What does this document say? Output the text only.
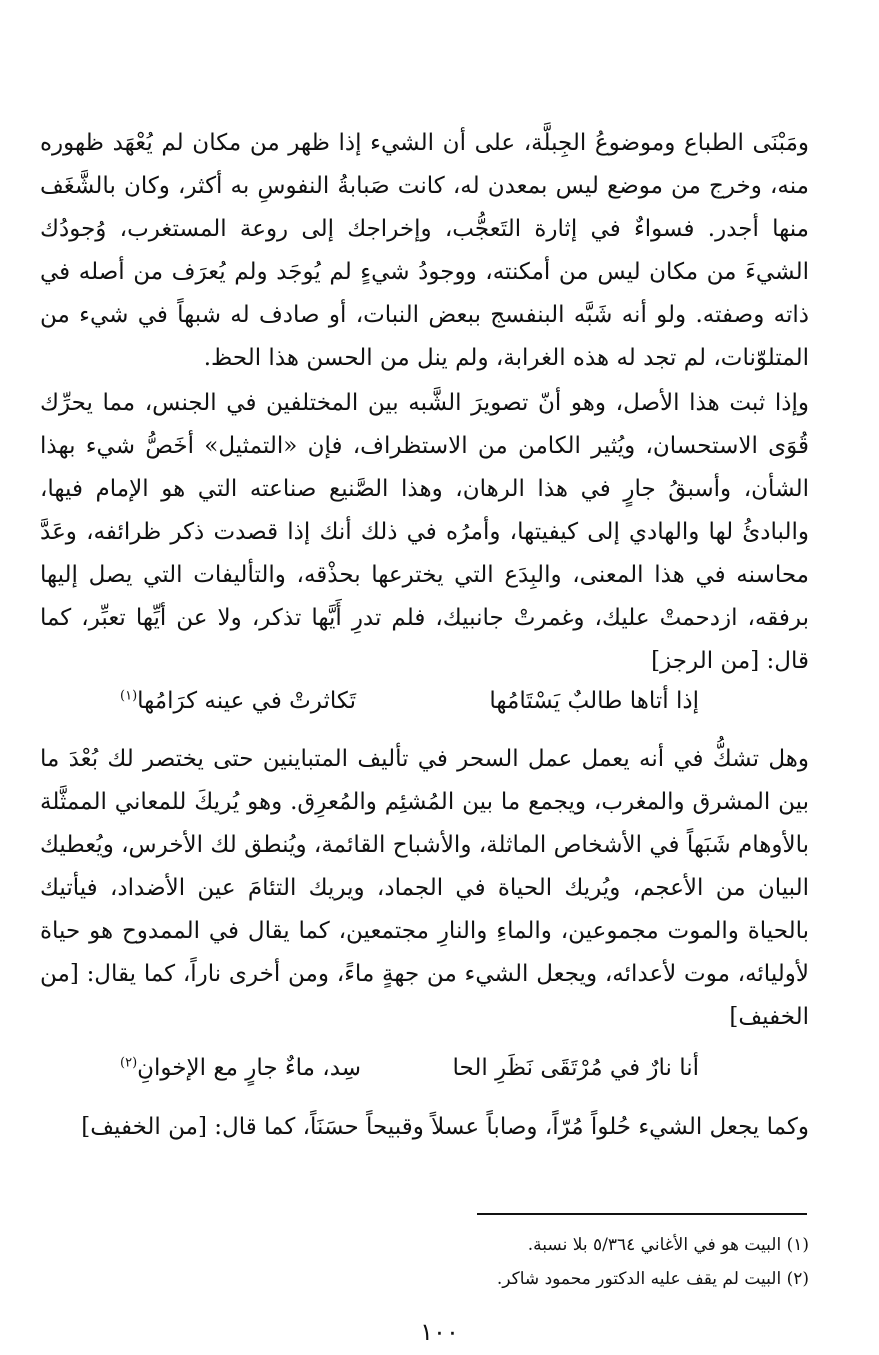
ومَبْنَى الطباع وموضوعُ الجِبلَّة، على أن الشيء إذا ظهر من مكان لم يُعْهَد ظهوره منه، وخرج من موضع ليس بمعدن له، كانت صَبابةُ النفوسِ به أكثر، وكان بالشَّغَف منها أجدر. فسواءٌ في إثارة التَعجُّب، وإخراجك إلى روعة المستغرب، وُجودُك الشيءَ من مكان ليس من أمكنته، ووجودُ شيءٍ لم يُوجَد ولم يُعرَف من أصله في ذاته وصفته. ولو أنه شَبَّه البنفسج ببعض النبات، أو صادف له شبهاً في شيء من المتلوّنات، لم تجد له هذه الغرابة، ولم ينل من الحسن هذا الحظ.

وإذا ثبت هذا الأصل، وهو أنّ تصويرَ الشَّبه بين المختلفين في الجنس، مما يحرِّك قُوَى الاستحسان، ويُثير الكامن من الاستظراف، فإن «التمثيل» أخَصُّ شيء بهذا الشأن، وأسبقُ جارٍ في هذا الرهان، وهذا الصَّنيع صناعته التي هو الإمام فيها، والبادئُ لها والهادي إلى كيفيتها، وأمرُه في ذلك أنك إذا قصدت ذكر ظرائفه، وعَدَّ محاسنه في هذا المعنى، والبِدَع التي يخترعها بحذْقه، والتأليفات التي يصل إليها برفقه، ازدحمتْ عليك، وغمرتْ جانبيك، فلم تدرِ أَيَّها تذكر، ولا عن أيِّها تعبِّر، كما قال: [من الرجز]

إذا أتاها طالبٌ يَسْتَامُها
تَكاثرتْ في عينه كرَامُها$^{(١)}$

وهل تشكُّ في أنه يعمل عمل السحر في تأليف المتباينين حتى يختصر لك بُعْدَ ما بين المشرق والمغرب، ويجمع ما بين المُشئِم والمُعرِق. وهو يُريكَ للمعاني الممثَّلة بالأوهام شَبَهاً في الأشخاص الماثلة، والأشباح القائمة، ويُنطق لك الأخرس، ويُعطيك البيان من الأعجم، ويُريك الحياة في الجماد، ويريك التئامَ عين الأضداد، فيأتيك بالحياة والموت مجموعين، والماءِ والنارِ مجتمعين، كما يقال في الممدوح هو حياة لأوليائه، موت لأعدائه، ويجعل الشيء من جهةٍ ماءً، ومن أخرى ناراً، كما يقال: [من الخفيف]

أنا نارٌ في مُرْتَقَى نَظَرِ الحا
سِد، ماءٌ جارٍ مع الإخوانِ$^{(٢)}$

وكما يجعل الشيء حُلواً مُرّاً، وصاباً عسلاً وقبيحاً حسَنَاً، كما قال: [من الخفيف]

(١) البيت هو في الأغاني ٥/٣٦٤ بلا نسبة.
(٢) البيت لم يقف عليه الدكتور محمود شاكر.
١٠٠
